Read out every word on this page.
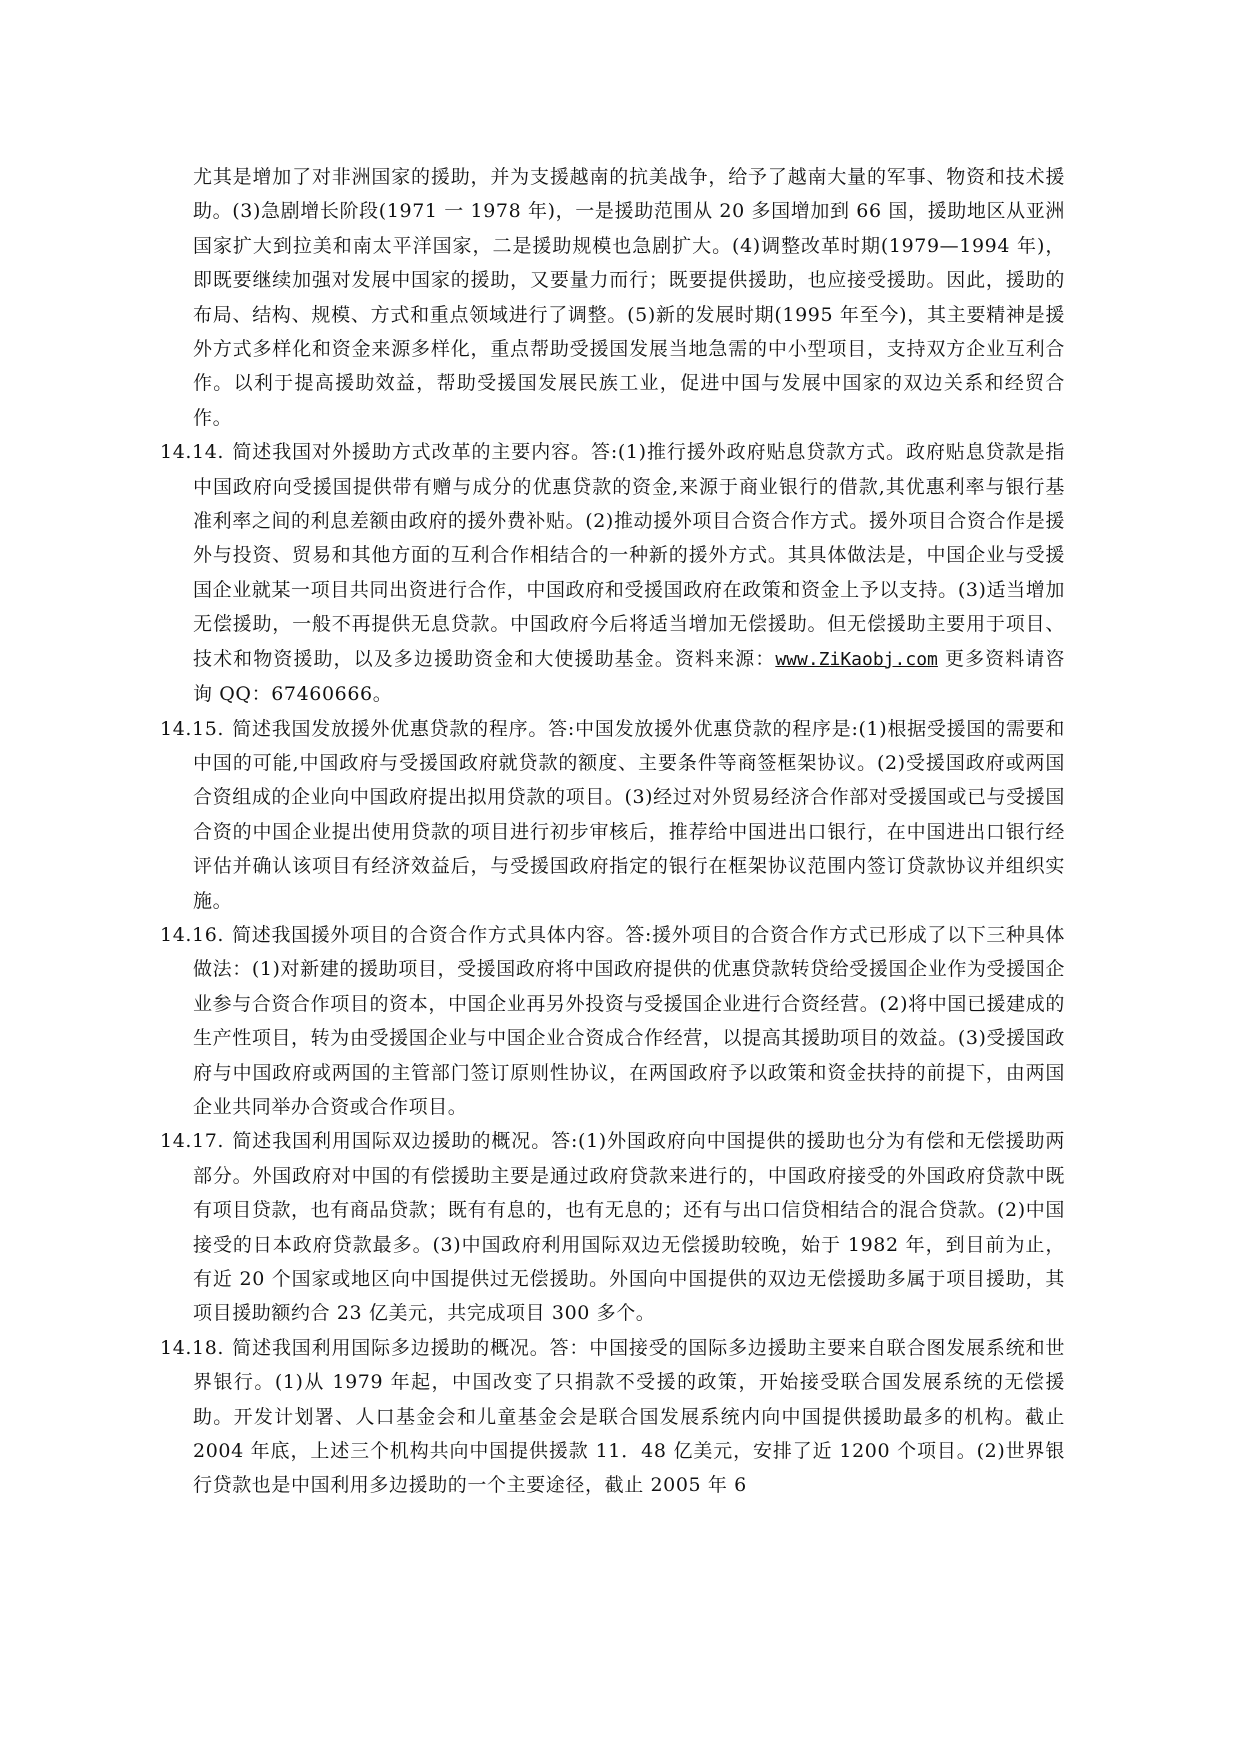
尤其是增加了对非洲国家的援助，并为支援越南的抗美战争，给予了越南大量的军事、物资和技术援助。(3)急剧增长阶段(1971 一 1978 年)，一是援助范围从 20 多国增加到 66 国，援助地区从亚洲国家扩大到拉美和南太平洋国家，二是援助规模也急剧扩大。(4)调整改革时期(1979—1994 年)，即既要继续加强对发展中国家的援助，又要量力而行；既要提供援助，也应接受援助。因此，援助的布局、结构、规模、方式和重点领域进行了调整。(5)新的发展时期(1995 年至今)，其主要精神是援外方式多样化和资金来源多样化，重点帮助受援国发展当地急需的中小型项目，支持双方企业互利合作。以利于提高援助效益，帮助受援国发展民族工业，促进中国与发展中国家的双边关系和经贸合作。
14.14. 简述我国对外援助方式改革的主要内容。答:(1)推行援外政府贴息贷款方式。政府贴息贷款是指中国政府向受援国提供带有赠与成分的优惠贷款的资金,来源于商业银行的借款,其优惠利率与银行基准利率之间的利息差额由政府的援外费补贴。(2)推动援外项目合资合作方式。援外项目合资合作是援外与投资、贸易和其他方面的互利合作相结合的一种新的援外方式。其具体做法是，中国企业与受援国企业就某一项目共同出资进行合作，中国政府和受援国政府在政策和资金上予以支持。(3)适当增加无偿援助，一般不再提供无息贷款。中国政府今后将适当增加无偿援助。但无偿援助主要用于项目、技术和物资援助，以及多边援助资金和大使援助基金。资料来源：www.ZiKaobj.com 更多资料请咨询 QQ：67460666。
14.15. 简述我国发放援外优惠贷款的程序。答:中国发放援外优惠贷款的程序是:(1)根据受援国的需要和中国的可能,中国政府与受援国政府就贷款的额度、主要条件等商签框架协议。(2)受援国政府或两国合资组成的企业向中国政府提出拟用贷款的项目。(3)经过对外贸易经济合作部对受援国或已与受援国合资的中国企业提出使用贷款的项目进行初步审核后，推荐给中国进出口银行，在中国进出口银行经评估并确认该项目有经济效益后，与受援国政府指定的银行在框架协议范围内签订贷款协议并组织实施。
14.16. 简述我国援外项目的合资合作方式具体内容。答:援外项目的合资合作方式已形成了以下三种具体做法：(1)对新建的援助项目，受援国政府将中国政府提供的优惠贷款转贷给受援国企业作为受援国企业参与合资合作项目的资本，中国企业再另外投资与受援国企业进行合资经营。(2)将中国已援建成的生产性项目，转为由受援国企业与中国企业合资成合作经营，以提高其援助项目的效益。(3)受援国政府与中国政府或两国的主管部门签订原则性协议，在两国政府予以政策和资金扶持的前提下，由两国企业共同举办合资或合作项目。
14.17. 简述我国利用国际双边援助的概况。答:(1)外国政府向中国提供的援助也分为有偿和无偿援助两部分。外国政府对中国的有偿援助主要是通过政府贷款来进行的，中国政府接受的外国政府贷款中既有项目贷款，也有商品贷款；既有有息的，也有无息的；还有与出口信贷相结合的混合贷款。(2)中国接受的日本政府贷款最多。(3)中国政府利用国际双边无偿援助较晚，始于 1982 年，到目前为止，有近 20 个国家或地区向中国提供过无偿援助。外国向中国提供的双边无偿援助多属于项目援助，其项目援助额约合 23 亿美元，共完成项目 300 多个。
14.18. 简述我国利用国际多边援助的概况。答：中国接受的国际多边援助主要来自联合图发展系统和世界银行。(1)从 1979 年起，中国改变了只捐款不受援的政策，开始接受联合国发展系统的无偿援助。开发计划署、人口基金会和儿童基金会是联合国发展系统内向中国提供援助最多的机构。截止 2004 年底，上述三个机构共向中国提供援款 11．48 亿美元，安排了近 1200 个项目。(2)世界银行贷款也是中国利用多边援助的一个主要途径，截止 2005 年 6
